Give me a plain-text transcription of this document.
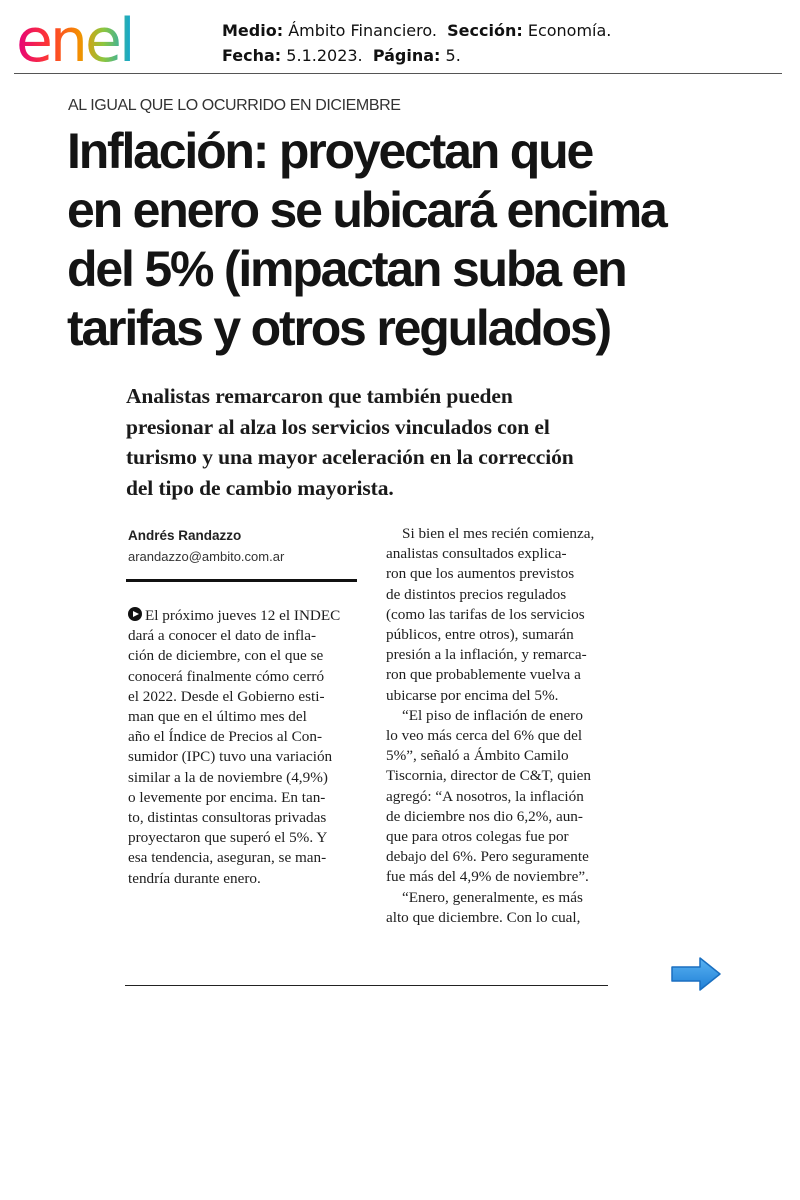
enel	Medio: Ámbito Financiero. Sección: Economía.
Fecha: 5.1.2023. Página: 5.
AL IGUAL QUE LO OCURRIDO EN DICIEMBRE
Inflación: proyectan que
en enero se ubicará encima
del 5% (impactan suba en
tarifas y otros regulados)
Analistas remarcaron que también pueden
presionar al alza los servicios vinculados con el
turismo y una mayor aceleración en la corrección
del tipo de cambio mayorista.
Andrés Randazzo
arandazzo@ambito.com.ar
El próximo jueves 12 el INDEC
dará a conocer el dato de infla-
ción de diciembre, con el que se
conocerá finalmente cómo cerró
el 2022. Desde el Gobierno esti-
man que en el último mes del
año el Índice de Precios al Con-
sumidor (IPC) tuvo una variación
similar a la de noviembre (4,9%)
o levemente por encima. En tan-
to, distintas consultoras privadas
proyectaron que superó el 5%. Y
esa tendencia, aseguran, se man-
tendría durante enero.
Si bien el mes recién comienza,
analistas consultados explica-
ron que los aumentos previstos
de distintos precios regulados
(como las tarifas de los servicios
públicos, entre otros), sumarán
presión a la inflación, y remarca-
ron que probablemente vuelva a
ubicarse por encima del 5%.
“El piso de inflación de enero
lo veo más cerca del 6% que del
5%”, señaló a Ámbito Camilo
Tiscornia, director de C&T, quien
agregó: “A nosotros, la inflación
de diciembre nos dio 6,2%, aun-
que para otros colegas fue por
debajo del 6%. Pero seguramente
fue más del 4,9% de noviembre”.
“Enero, generalmente, es más
alto que diciembre. Con lo cual,
